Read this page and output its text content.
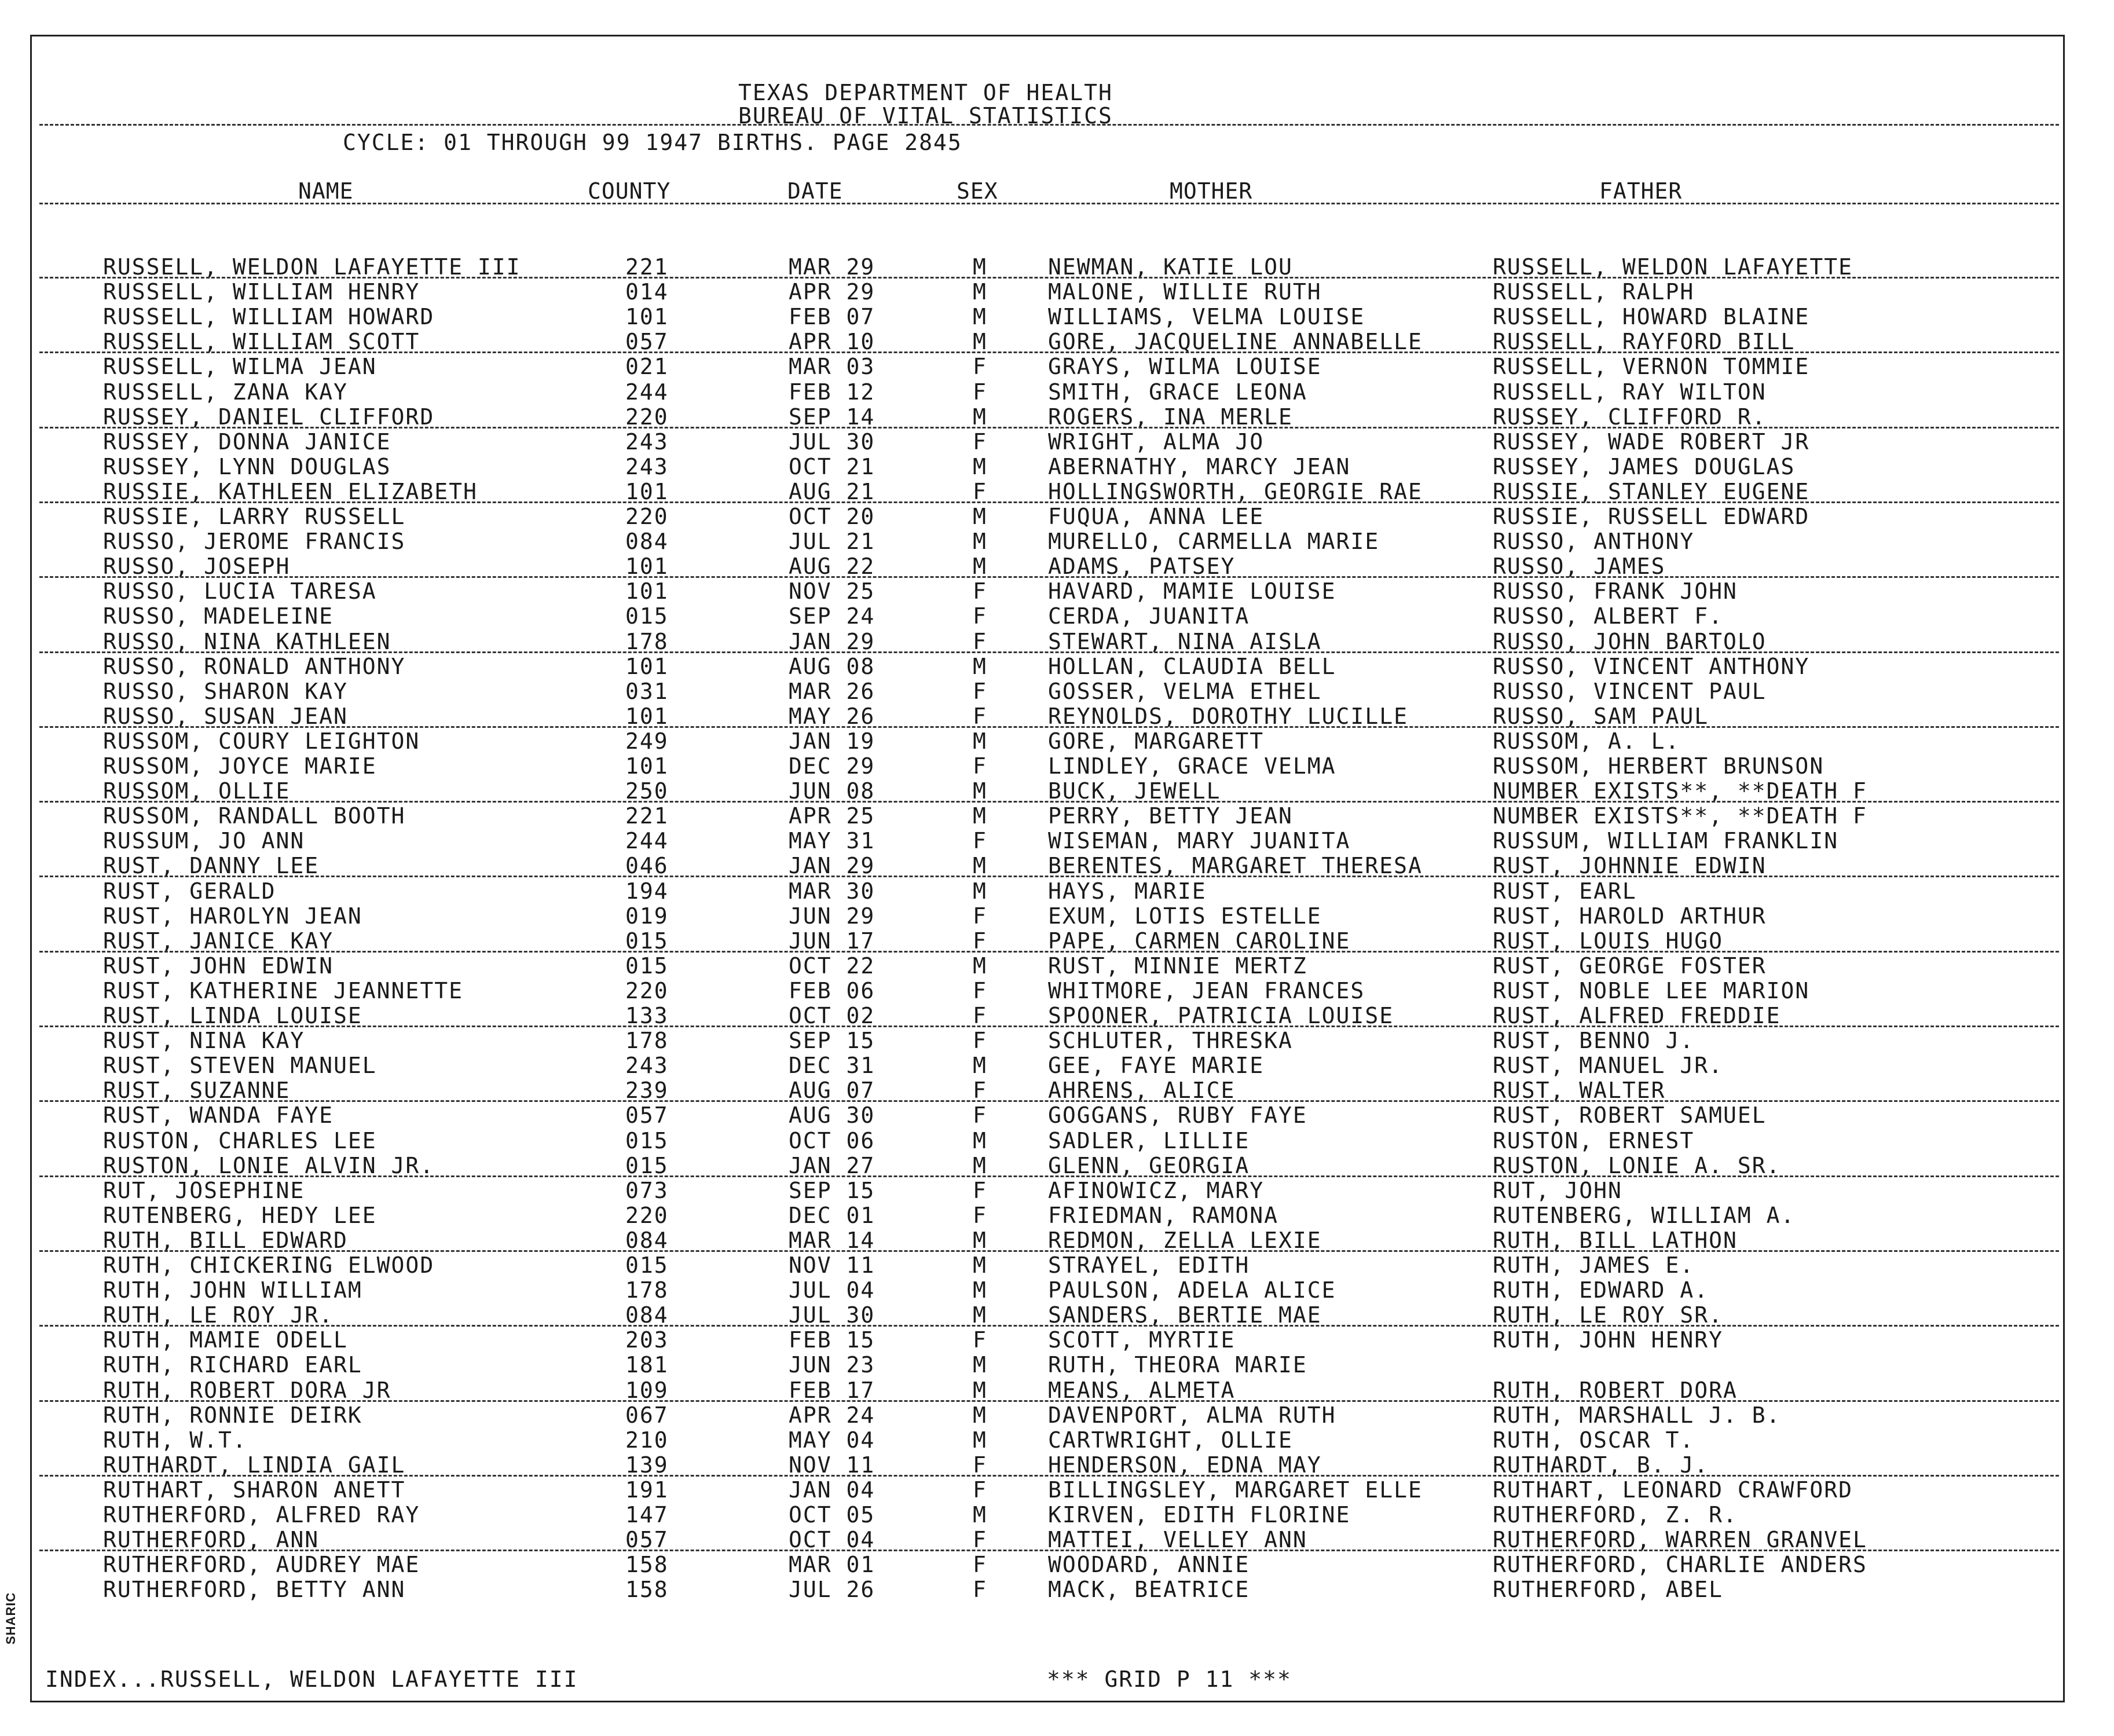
SHARIC
TEXAS DEPARTMENT OF HEALTH
BUREAU OF VITAL STATISTICS
CYCLE: 01 THROUGH 99 1947 BIRTHS. PAGE 2845
NAME	COUNTY	DATE	SEX	MOTHER	FATHER
RUSSELL, WELDON LAFAYETTE III	221	MAR 29	M	NEWMAN, KATIE LOU	RUSSELL, WELDON LAFAYETTE
RUSSELL, WILLIAM HENRY	014	APR 29	M	MALONE, WILLIE RUTH	RUSSELL, RALPH
RUSSELL, WILLIAM HOWARD	101	FEB 07	M	WILLIAMS, VELMA LOUISE	RUSSELL, HOWARD BLAINE
RUSSELL, WILLIAM SCOTT	057	APR 10	M	GORE, JACQUELINE ANNABELLE	RUSSELL, RAYFORD BILL
RUSSELL, WILMA JEAN	021	MAR 03	F	GRAYS, WILMA LOUISE	RUSSELL, VERNON TOMMIE
RUSSELL, ZANA KAY	244	FEB 12	F	SMITH, GRACE LEONA	RUSSELL, RAY WILTON
RUSSEY, DANIEL CLIFFORD	220	SEP 14	M	ROGERS, INA MERLE	RUSSEY, CLIFFORD R.
RUSSEY, DONNA JANICE	243	JUL 30	F	WRIGHT, ALMA JO	RUSSEY, WADE ROBERT JR
RUSSEY, LYNN DOUGLAS	243	OCT 21	M	ABERNATHY, MARCY JEAN	RUSSEY, JAMES DOUGLAS
RUSSIE, KATHLEEN ELIZABETH	101	AUG 21	F	HOLLINGSWORTH, GEORGIE RAE	RUSSIE, STANLEY EUGENE
RUSSIE, LARRY RUSSELL	220	OCT 20	M	FUQUA, ANNA LEE	RUSSIE, RUSSELL EDWARD
RUSSO, JEROME FRANCIS	084	JUL 21	M	MURELLO, CARMELLA MARIE	RUSSO, ANTHONY
RUSSO, JOSEPH	101	AUG 22	M	ADAMS, PATSEY	RUSSO, JAMES
RUSSO, LUCIA TARESA	101	NOV 25	F	HAVARD, MAMIE LOUISE	RUSSO, FRANK JOHN
RUSSO, MADELEINE	015	SEP 24	F	CERDA, JUANITA	RUSSO, ALBERT F.
RUSSO, NINA KATHLEEN	178	JAN 29	F	STEWART, NINA AISLA	RUSSO, JOHN BARTOLO
RUSSO, RONALD ANTHONY	101	AUG 08	M	HOLLAN, CLAUDIA BELL	RUSSO, VINCENT ANTHONY
RUSSO, SHARON KAY	031	MAR 26	F	GOSSER, VELMA ETHEL	RUSSO, VINCENT PAUL
RUSSO, SUSAN JEAN	101	MAY 26	F	REYNOLDS, DOROTHY LUCILLE	RUSSO, SAM PAUL
RUSSOM, COURY LEIGHTON	249	JAN 19	M	GORE, MARGARETT	RUSSOM, A. L.
RUSSOM, JOYCE MARIE	101	DEC 29	F	LINDLEY, GRACE VELMA	RUSSOM, HERBERT BRUNSON
RUSSOM, OLLIE	250	JUN 08	M	BUCK, JEWELL	NUMBER EXISTS**, **DEATH F
RUSSOM, RANDALL BOOTH	221	APR 25	M	PERRY, BETTY JEAN	NUMBER EXISTS**, **DEATH F
RUSSUM, JO ANN	244	MAY 31	F	WISEMAN, MARY JUANITA	RUSSUM, WILLIAM FRANKLIN
RUST, DANNY LEE	046	JAN 29	M	BERENTES, MARGARET THERESA	RUST, JOHNNIE EDWIN
RUST, GERALD	194	MAR 30	M	HAYS, MARIE	RUST, EARL
RUST, HAROLYN JEAN	019	JUN 29	F	EXUM, LOTIS ESTELLE	RUST, HAROLD ARTHUR
RUST, JANICE KAY	015	JUN 17	F	PAPE, CARMEN CAROLINE	RUST, LOUIS HUGO
RUST, JOHN EDWIN	015	OCT 22	M	RUST, MINNIE MERTZ	RUST, GEORGE FOSTER
RUST, KATHERINE JEANNETTE	220	FEB 06	F	WHITMORE, JEAN FRANCES	RUST, NOBLE LEE MARION
RUST, LINDA LOUISE	133	OCT 02	F	SPOONER, PATRICIA LOUISE	RUST, ALFRED FREDDIE
RUST, NINA KAY	178	SEP 15	F	SCHLUTER, THRESKA	RUST, BENNO J.
RUST, STEVEN MANUEL	243	DEC 31	M	GEE, FAYE MARIE	RUST, MANUEL JR.
RUST, SUZANNE	239	AUG 07	F	AHRENS, ALICE	RUST, WALTER
RUST, WANDA FAYE	057	AUG 30	F	GOGGANS, RUBY FAYE	RUST, ROBERT SAMUEL
RUSTON, CHARLES LEE	015	OCT 06	M	SADLER, LILLIE	RUSTON, ERNEST
RUSTON, LONIE ALVIN JR.	015	JAN 27	M	GLENN, GEORGIA	RUSTON, LONIE A. SR.
RUT, JOSEPHINE	073	SEP 15	F	AFINOWICZ, MARY	RUT, JOHN
RUTENBERG, HEDY LEE	220	DEC 01	F	FRIEDMAN, RAMONA	RUTENBERG, WILLIAM A.
RUTH, BILL EDWARD	084	MAR 14	M	REDMON, ZELLA LEXIE	RUTH, BILL LATHON
RUTH, CHICKERING ELWOOD	015	NOV 11	M	STRAYEL, EDITH	RUTH, JAMES E.
RUTH, JOHN WILLIAM	178	JUL 04	M	PAULSON, ADELA ALICE	RUTH, EDWARD A.
RUTH, LE ROY JR.	084	JUL 30	M	SANDERS, BERTIE MAE	RUTH, LE ROY SR.
RUTH, MAMIE ODELL	203	FEB 15	F	SCOTT, MYRTIE	RUTH, JOHN HENRY
RUTH, RICHARD EARL	181	JUN 23	M	RUTH, THEORA MARIE
RUTH, ROBERT DORA JR	109	FEB 17	M	MEANS, ALMETA	RUTH, ROBERT DORA
RUTH, RONNIE DEIRK	067	APR 24	M	DAVENPORT, ALMA RUTH	RUTH, MARSHALL J. B.
RUTH, W.T.	210	MAY 04	M	CARTWRIGHT, OLLIE	RUTH, OSCAR T.
RUTHARDT, LINDIA GAIL	139	NOV 11	F	HENDERSON, EDNA MAY	RUTHARDT, B. J.
RUTHART, SHARON ANETT	191	JAN 04	F	BILLINGSLEY, MARGARET ELLE	RUTHART, LEONARD CRAWFORD
RUTHERFORD, ALFRED RAY	147	OCT 05	M	KIRVEN, EDITH FLORINE	RUTHERFORD, Z. R.
RUTHERFORD, ANN	057	OCT 04	F	MATTEI, VELLEY ANN	RUTHERFORD, WARREN GRANVEL
RUTHERFORD, AUDREY MAE	158	MAR 01	F	WOODARD, ANNIE	RUTHERFORD, CHARLIE ANDERS
RUTHERFORD, BETTY ANN	158	JUL 26	F	MACK, BEATRICE	RUTHERFORD, ABEL
INDEX...RUSSELL, WELDON LAFAYETTE III	*** GRID P 11 ***
